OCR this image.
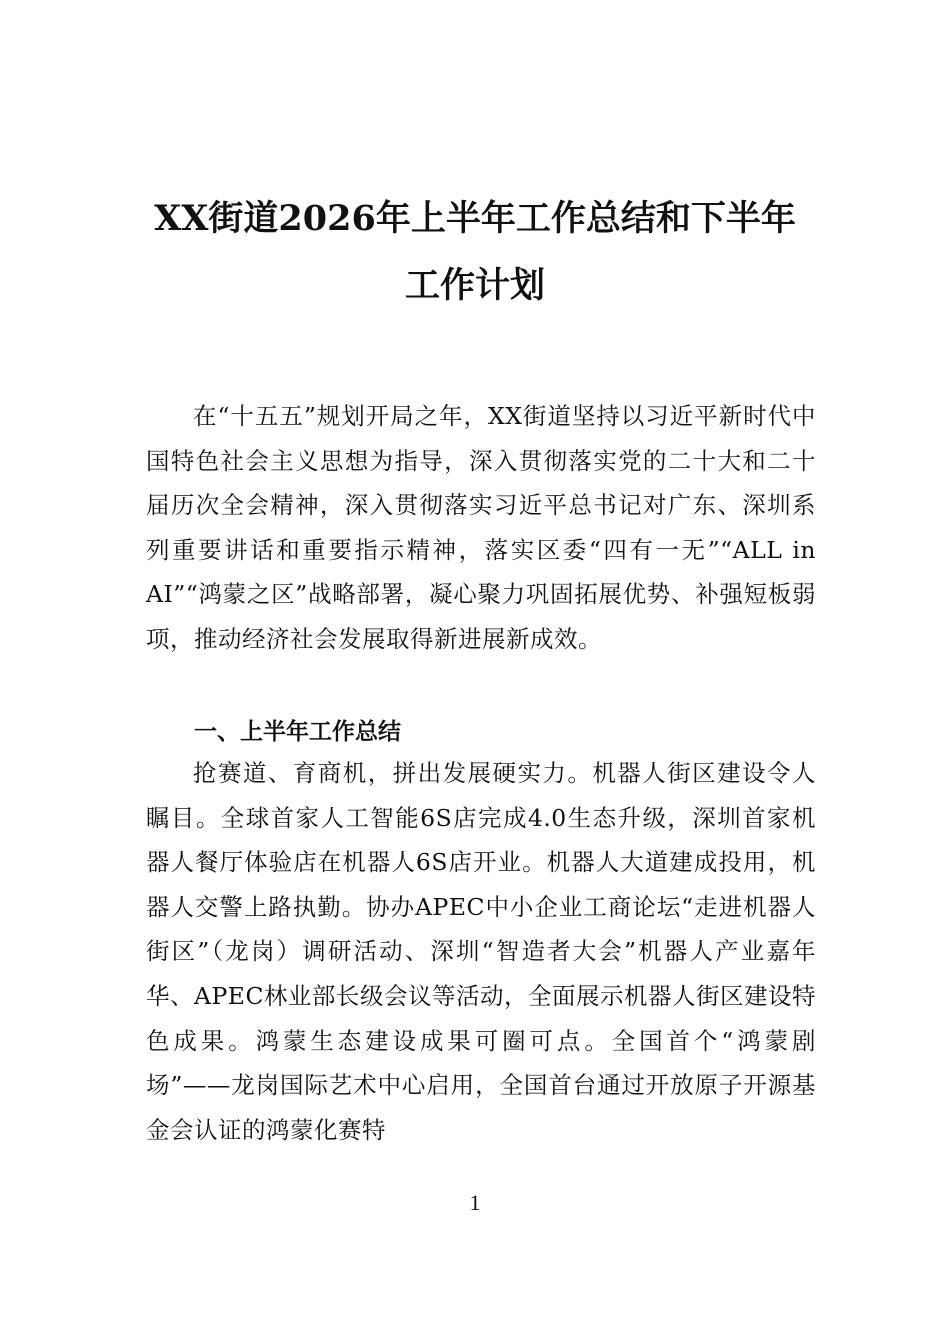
XX街道2026年上半年工作总结和下半年
工作计划

在“十五五”规划开局之年，XX街道坚持以习近平新时代中国特色社会主义思想为指导，深入贯彻落实党的二十大和二十届历次全会精神，深入贯彻落实习近平总书记对广东、深圳系列重要讲话和重要指示精神，落实区委“四有一无”“ALL in AI”“鸿蒙之区”战略部署，凝心聚力巩固拓展优势、补强短板弱项，推动经济社会发展取得新进展新成效。

一、上半年工作总结

抢赛道、育商机，拼出发展硬实力。机器人街区建设令人瞩目。全球首家人工智能6S店完成4.0生态升级，深圳首家机器人餐厅体验店在机器人6S店开业。机器人大道建成投用，机器人交警上路执勤。协办APEC中小企业工商论坛“走进机器人街区”（龙岗）调研活动、深圳“智造者大会”机器人产业嘉年华、APEC林业部长级会议等活动，全面展示机器人街区建设特色成果。鸿蒙生态建设成果可圈可点。全国首个“鸿蒙剧场”——龙岗国际艺术中心启用，全国首台通过开放原子开源基金会认证的鸿蒙化赛特

1
